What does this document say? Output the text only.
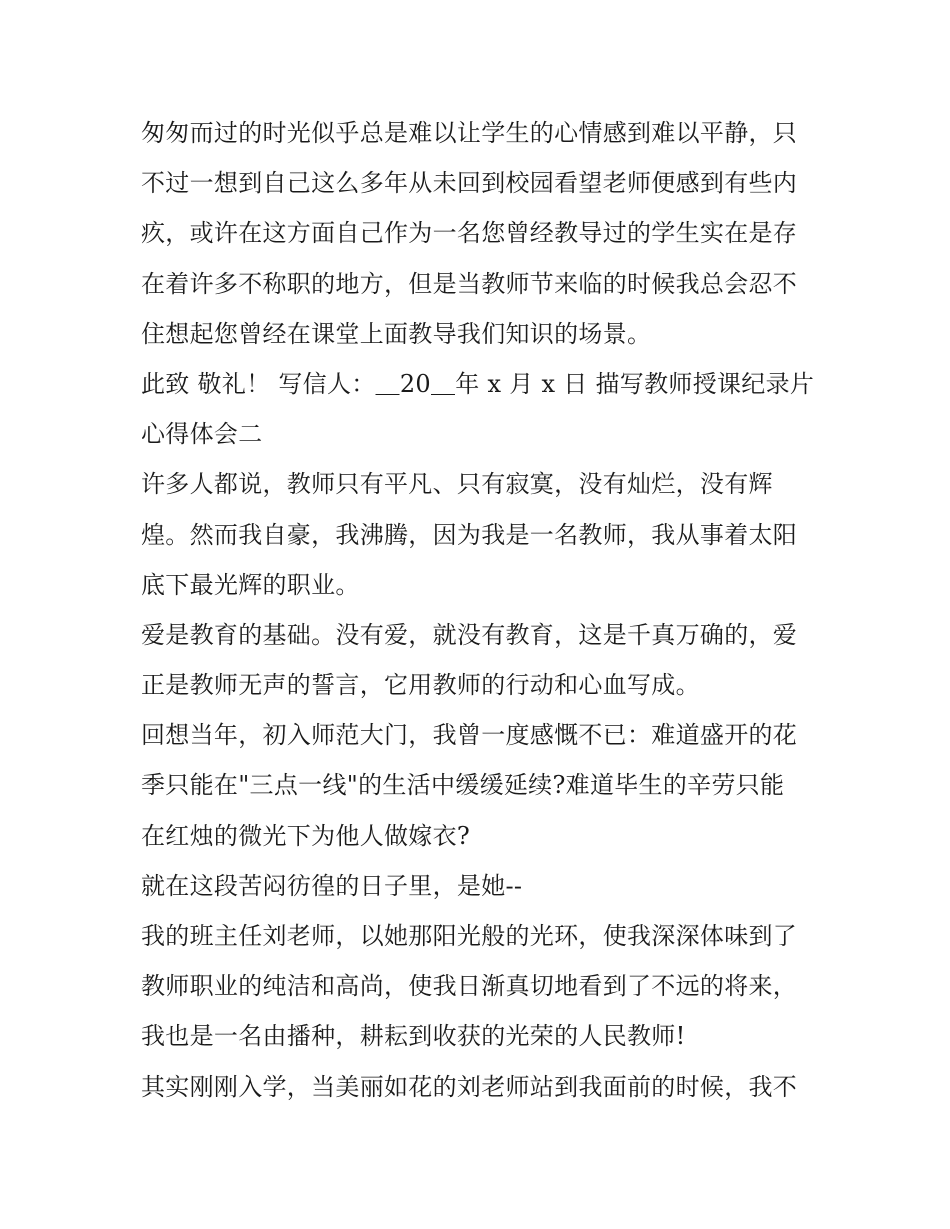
匆匆而过的时光似乎总是难以让学生的心情感到难以平静，只
不过一想到自己这么多年从未回到校园看望老师便感到有些内
疚，或许在这方面自己作为一名您曾经教导过的学生实在是存
在着许多不称职的地方，但是当教师节来临的时候我总会忍不
住想起您曾经在课堂上面教导我们知识的场景。
此致 敬礼！ 写信人：＿20＿年 x 月 x 日 描写教师授课纪录片
心得体会二
许多人都说，教师只有平凡、只有寂寞，没有灿烂，没有辉
煌。然而我自豪，我沸腾，因为我是一名教师，我从事着太阳
底下最光辉的职业。
爱是教育的基础。没有爱，就没有教育，这是千真万确的，爱
正是教师无声的誓言，它用教师的行动和心血写成。
回想当年，初入师范大门，我曾一度感慨不已：难道盛开的花
季只能在"三点一线"的生活中缓缓延续?难道毕生的辛劳只能
在红烛的微光下为他人做嫁衣?
就在这段苦闷彷徨的日子里，是她--
我的班主任刘老师，以她那阳光般的光环，使我深深体味到了
教师职业的纯洁和高尚，使我日渐真切地看到了不远的将来，
我也是一名由播种，耕耘到收获的光荣的人民教师!
其实刚刚入学，当美丽如花的刘老师站到我面前的时候，我不
